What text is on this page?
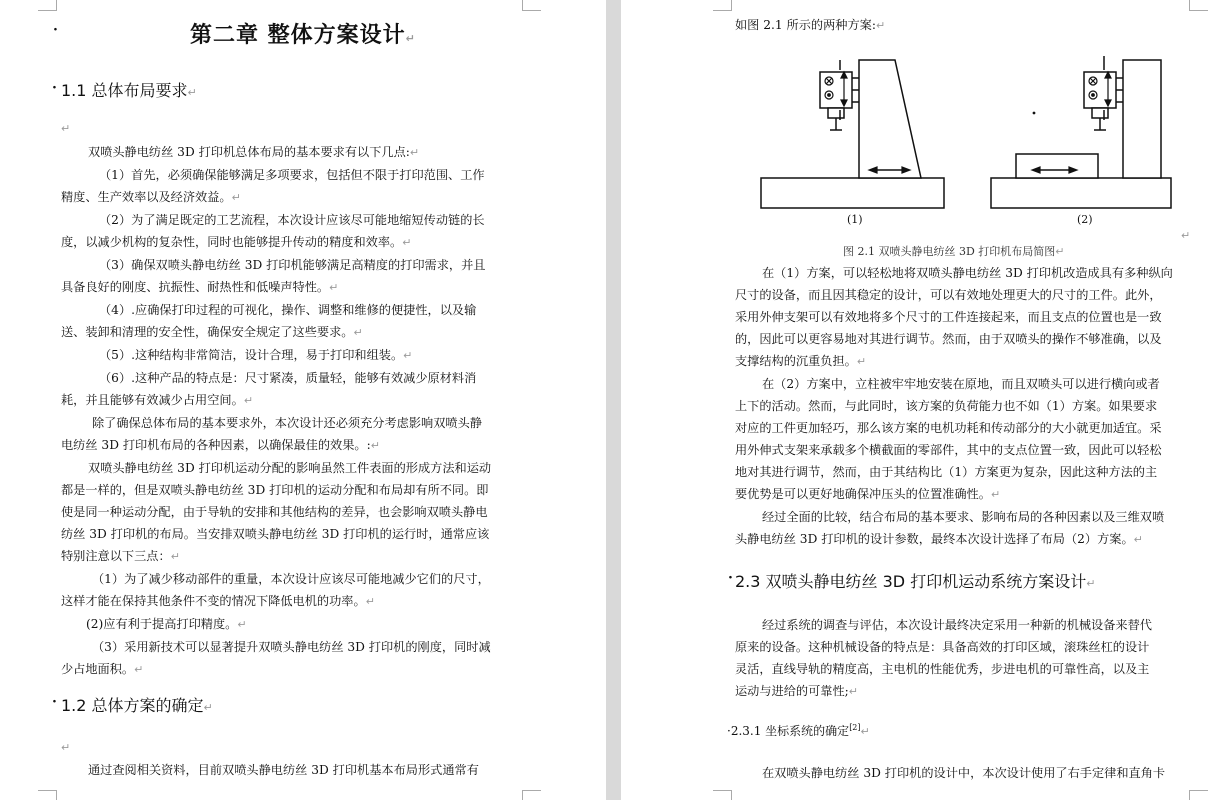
·	第二章 整体方案设计↵
· 1.1 总体布局要求↵
↵
双喷头静电纺丝 3D 打印机总体布局的基本要求有以下几点:↵
（1）首先，必须确保能够满足多项要求，包括但不限于打印范围、工作
精度、生产效率以及经济效益。↵
（2）为了满足既定的工艺流程，本次设计应该尽可能地缩短传动链的长
度，以减少机构的复杂性，同时也能够提升传动的精度和效率。↵
（3）确保双喷头静电纺丝 3D 打印机能够满足高精度的打印需求，并且
具备良好的刚度、抗振性、耐热性和低噪声特性。↵
（4）.应确保打印过程的可视化，操作、调整和维修的便捷性，以及输
送、装卸和清理的安全性，确保安全规定了这些要求。↵
（5）.这种结构非常简洁，设计合理，易于打印和组装。↵
（6）.这种产品的特点是：尺寸紧凑，质量轻，能够有效减少原材料消
耗，并且能够有效减少占用空间。↵
除了确保总体布局的基本要求外，本次设计还必须充分考虑影响双喷头静
电纺丝 3D 打印机布局的各种因素，以确保最佳的效果。:↵
双喷头静电纺丝 3D 打印机运动分配的影响虽然工件表面的形成方法和运动
都是一样的，但是双喷头静电纺丝 3D 打印机的运动分配和布局却有所不同。即
使是同一种运动分配，由于导轨的安排和其他结构的差异，也会影响双喷头静电
纺丝 3D 打印机的布局。当安排双喷头静电纺丝 3D 打印机的运行时，通常应该
特别注意以下三点：↵
（1）为了减少移动部件的重量，本次设计应该尽可能地减少它们的尺寸，
这样才能在保持其他条件不变的情况下降低电机的功率。↵
(2)应有利于提高打印精度。↵
（3）采用新技术可以显著提升双喷头静电纺丝 3D 打印机的刚度，同时减
少占地面积。↵
· 1.2 总体方案的确定↵
↵
通过查阅相关资料，目前双喷头静电纺丝 3D 打印机基本布局形式通常有
如图 2.1 所示的两种方案:↵
(1)	(2)
↵
图 2.1 双喷头静电纺丝 3D 打印机布局简图↵
在（1）方案，可以轻松地将双喷头静电纺丝 3D 打印机改造成具有多种纵向
尺寸的设备，而且因其稳定的设计，可以有效地处理更大的尺寸的工件。此外，
采用外伸支架可以有效地将多个尺寸的工件连接起来，而且支点的位置也是一致
的，因此可以更容易地对其进行调节。然而，由于双喷头的操作不够准确，以及
支撑结构的沉重负担。↵
在（2）方案中，立柱被牢牢地安装在原地，而且双喷头可以进行横向或者
上下的活动。然而，与此同时，该方案的负荷能力也不如（1）方案。如果要求
对应的工件更加轻巧，那么该方案的电机功耗和传动部分的大小就更加适宜。采
用外伸式支架来承载多个横截面的零部件，其中的支点位置一致，因此可以轻松
地对其进行调节，然而，由于其结构比（1）方案更为复杂，因此这种方法的主
要优势是可以更好地确保冲压头的位置准确性。↵
经过全面的比较，结合布局的基本要求、影响布局的各种因素以及三维双喷
头静电纺丝 3D 打印机的设计参数，最终本次设计选择了布局（2）方案。↵
· 2.3 双喷头静电纺丝 3D 打印机运动系统方案设计↵
经过系统的调查与评估，本次设计最终决定采用一种新的机械设备来替代
原来的设备。这种机械设备的特点是：具备高效的打印区域，滚珠丝杠的设计
灵活，直线导轨的精度高，主电机的性能优秀，步进电机的可靠性高，以及主
运动与进给的可靠性;↵
·2.3.1 坐标系统的确定[2]↵
在双喷头静电纺丝 3D 打印机的设计中，本次设计使用了右手定律和直角卡
